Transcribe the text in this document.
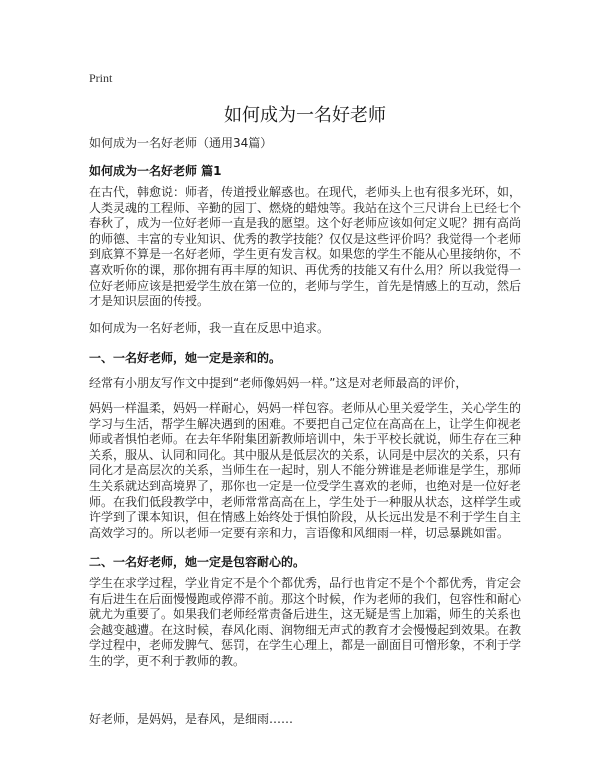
Print
如何成为一名好老师
如何成为一名好老师（通用34篇）
如何成为一名好老师 篇1
在古代，韩愈说：师者，传道授业解惑也。在现代，老师头上也有很多光环，如，人类灵魂的工程师、辛勤的园丁、燃烧的蜡烛等。我站在这个三尺讲台上已经七个春秋了，成为一位好老师一直是我的愿望。这个好老师应该如何定义呢？拥有高尚的师德、丰富的专业知识、优秀的教学技能？仅仅是这些评价吗？我觉得一个老师到底算不算是一名好老师，学生更有发言权。如果您的学生不能从心里接纳你，不喜欢听你的课，那你拥有再丰厚的知识、再优秀的技能又有什么用？所以我觉得一位好老师应该是把爱学生放在第一位的，老师与学生，首先是情感上的互动，然后才是知识层面的传授。
如何成为一名好老师，我一直在反思中追求。
一、一名好老师，她一定是亲和的。
经常有小朋友写作文中提到“老师像妈妈一样。”这是对老师最高的评价，
妈妈一样温柔，妈妈一样耐心，妈妈一样包容。老师从心里关爱学生，关心学生的学习与生活，帮学生解决遇到的困难。不要把自己定位在高高在上，让学生仰视老师或者惧怕老师。在去年华附集团新教师培训中，朱于平校长就说，师生存在三种关系，服从、认同和同化。其中服从是低层次的关系，认同是中层次的关系，只有同化才是高层次的关系，当师生在一起时，别人不能分辨谁是老师谁是学生，那师生关系就达到高境界了，那你也一定是一位受学生喜欢的老师，也绝对是一位好老师。在我们低段教学中，老师常常高高在上，学生处于一种服从状态，这样学生或许学到了课本知识，但在情感上始终处于惧怕阶段，从长远出发是不利于学生自主高效学习的。所以老师一定要有亲和力，言语像和风细雨一样，切忌暴跳如雷。
二、一名好老师，她一定是包容耐心的。
学生在求学过程，学业肯定不是个个都优秀，品行也肯定不是个个都优秀，肯定会有后进生在后面慢慢跑或停滞不前。那这个时候，作为老师的我们，包容性和耐心就尤为重要了。如果我们老师经常责备后进生，这无疑是雪上加霜，师生的关系也会越变越遭。在这时候，春风化雨、润物细无声式的教育才会慢慢起到效果。在教学过程中，老师发脾气、惩罚，在学生心理上，都是一副面目可憎形象，不利于学生的学，更不利于教师的教。
好老师，是妈妈，是春风，是细雨……
